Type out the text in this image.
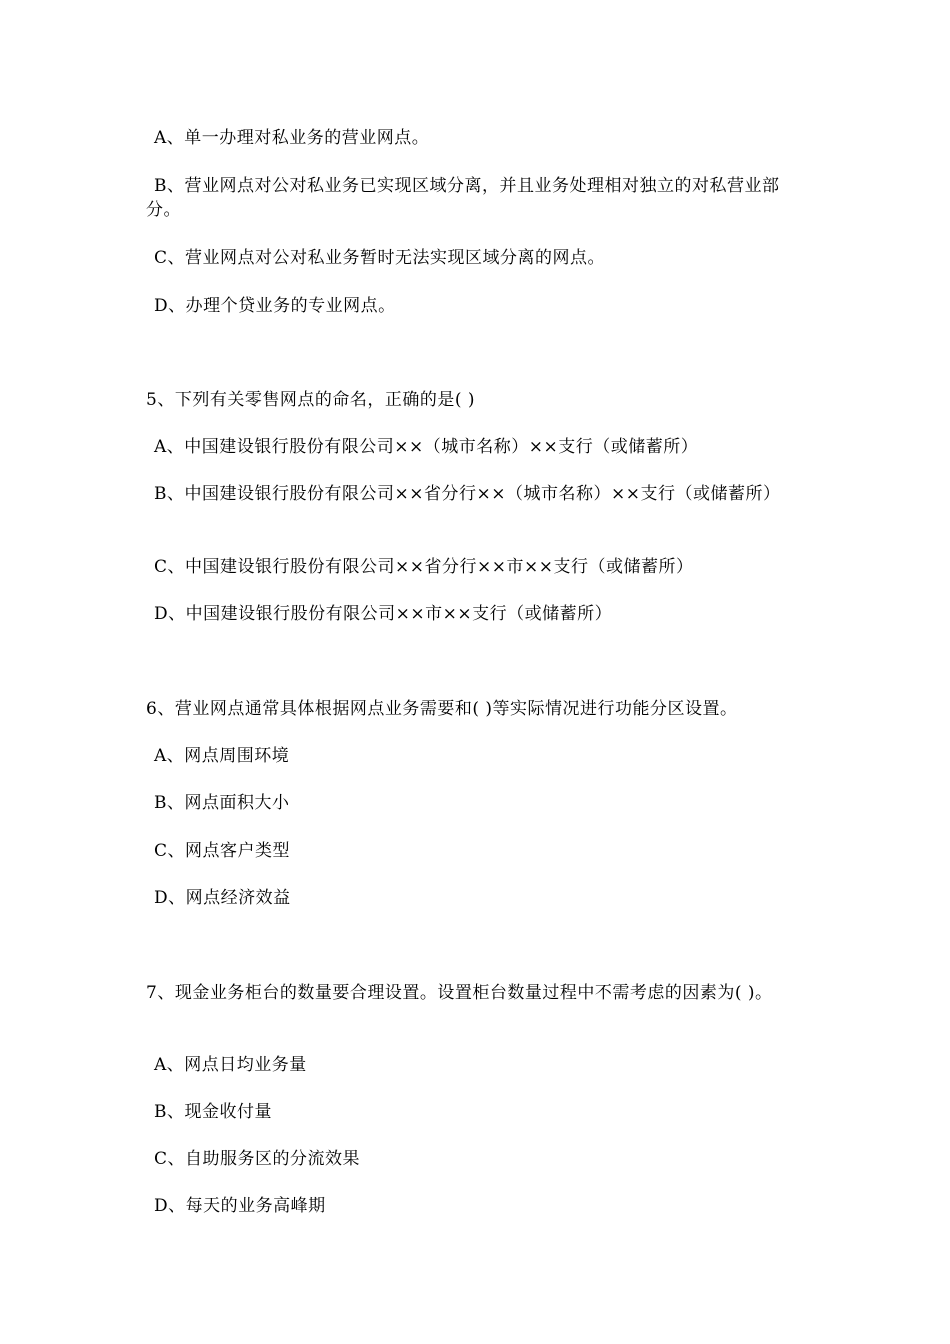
A、单一办理对私业务的营业网点。
B、营业网点对公对私业务已实现区域分离，并且业务处理相对独立的对私营业部分。
C、营业网点对公对私业务暂时无法实现区域分离的网点。
D、办理个贷业务的专业网点。
5、下列有关零售网点的命名，正确的是( )
A、中国建设银行股份有限公司××（城市名称）××支行（或储蓄所）
B、中国建设银行股份有限公司××省分行××（城市名称）××支行（或储蓄所）
C、中国建设银行股份有限公司××省分行××市××支行（或储蓄所）
D、中国建设银行股份有限公司××市××支行（或储蓄所）
6、营业网点通常具体根据网点业务需要和( )等实际情况进行功能分区设置。
A、网点周围环境
B、网点面积大小
C、网点客户类型
D、网点经济效益
7、现金业务柜台的数量要合理设置。设置柜台数量过程中不需考虑的因素为( )。
A、网点日均业务量
B、现金收付量
C、自助服务区的分流效果
D、每天的业务高峰期
